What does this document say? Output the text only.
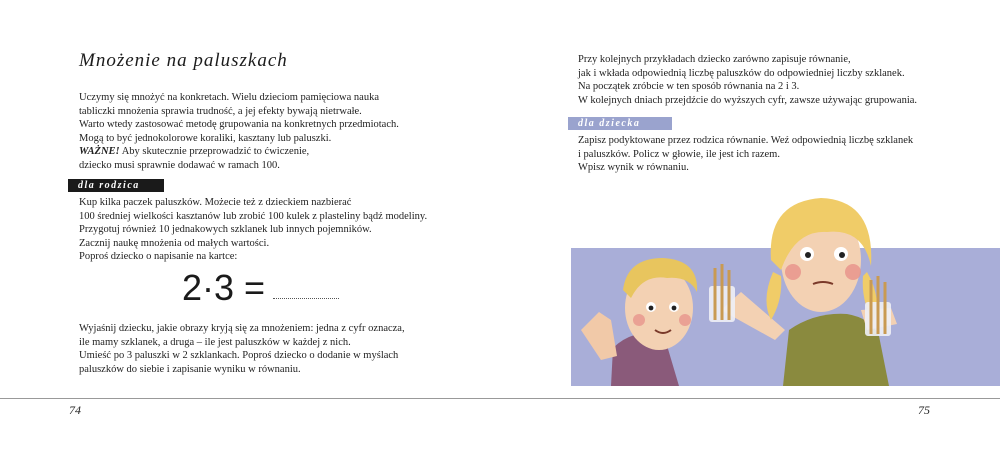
Mnożenie na paluszkach
Uczymy się mnożyć na konkretach. Wielu dzieciom pamięciowa nauka
tabliczki mnożenia sprawia trudność, a jej efekty bywają nietrwałe.
Warto wtedy zastosować metodę grupowania na konkretnych przedmiotach.
Mogą to być jednokolorowe koraliki, kasztany lub paluszki.
WAŻNE! Aby skutecznie przeprowadzić to ćwiczenie,
dziecko musi sprawnie dodawać w ramach 100.
dla rodzica
Kup kilka paczek paluszków. Możecie też z dzieckiem nazbierać
100 średniej wielkości kasztanów lub zrobić 100 kulek z plasteliny bądź modeliny.
Przygotuj również 10 jednakowych szklanek lub innych pojemników.
Zacznij naukę mnożenia od małych wartości.
Poproś dziecko o napisanie na kartce:
2·3 =
Wyjaśnij dziecku, jakie obrazy kryją się za mnożeniem: jedna z cyfr oznacza,
ile mamy szklanek, a druga – ile jest paluszków w każdej z nich.
Umieść po 3 paluszki w 2 szklankach. Poproś dziecko o dodanie w myślach
paluszków do siebie i zapisanie wyniku w równaniu.
74
Przy kolejnych przykładach dziecko zarówno zapisuje równanie,
jak i wkłada odpowiednią liczbę paluszków do odpowiedniej liczby szklanek.
Na początek zróbcie w ten sposób równania na 2 i 3.
W kolejnych dniach przejdźcie do wyższych cyfr, zawsze używając grupowania.
dla dziecka
Zapisz podyktowane przez rodzica równanie. Weź odpowiednią liczbę szklanek
i paluszków. Policz w głowie, ile jest ich razem.
Wpisz wynik w równaniu.
75
